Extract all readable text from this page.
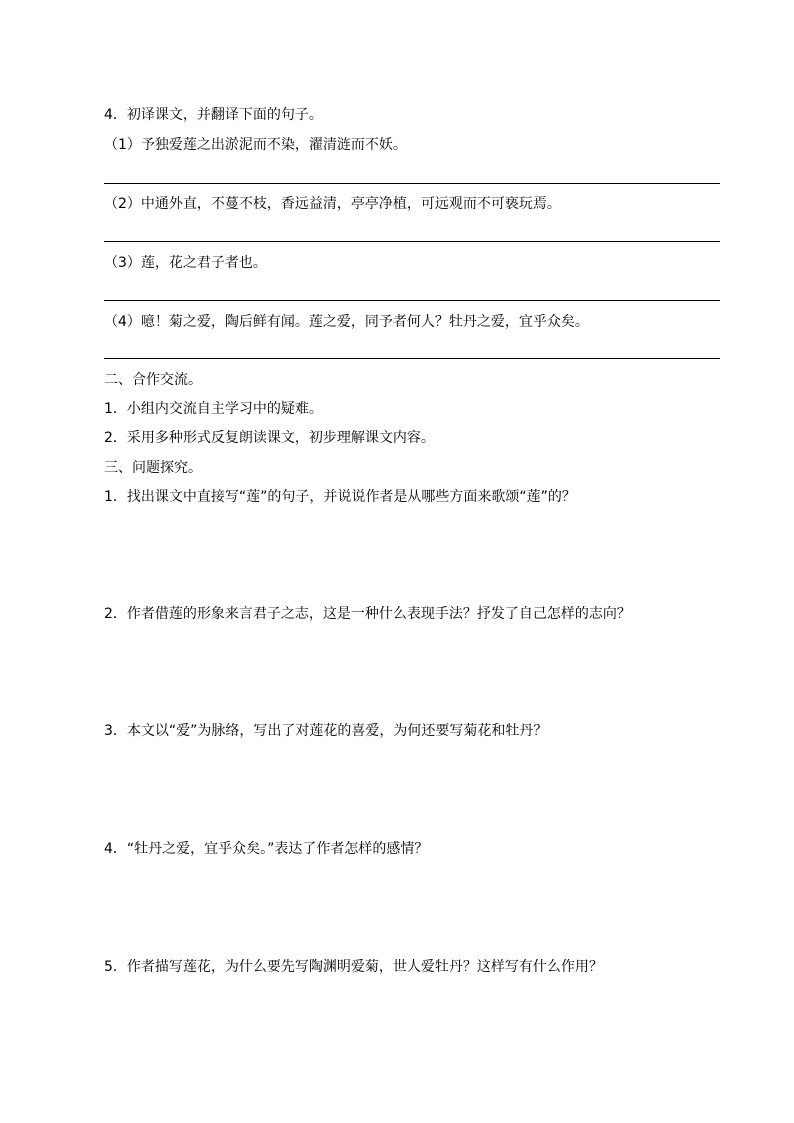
4．初译课文，并翻译下面的句子。
（1）予独爱莲之出淤泥而不染，濯清涟而不妖。
（2）中通外直，不蔓不枝，香远益清，亭亭净植，可远观而不可亵玩焉。
（3）莲，花之君子者也。
（4）噫！菊之爱，陶后鲜有闻。莲之爱，同予者何人？牡丹之爱，宜乎众矣。
二、合作交流。
1．小组内交流自主学习中的疑难。
2．采用多种形式反复朗读课文，初步理解课文内容。
三、问题探究。
1．找出课文中直接写“莲”的句子，并说说作者是从哪些方面来歌颂“莲”的？
2．作者借莲的形象来言君子之志，这是一种什么表现手法？抒发了自己怎样的志向？
3．本文以“爱”为脉络，写出了对莲花的喜爱，为何还要写菊花和牡丹？
4．“牡丹之爱，宜乎众矣。”表达了作者怎样的感情？
5．作者描写莲花，为什么要先写陶渊明爱菊，世人爱牡丹？这样写有什么作用？
